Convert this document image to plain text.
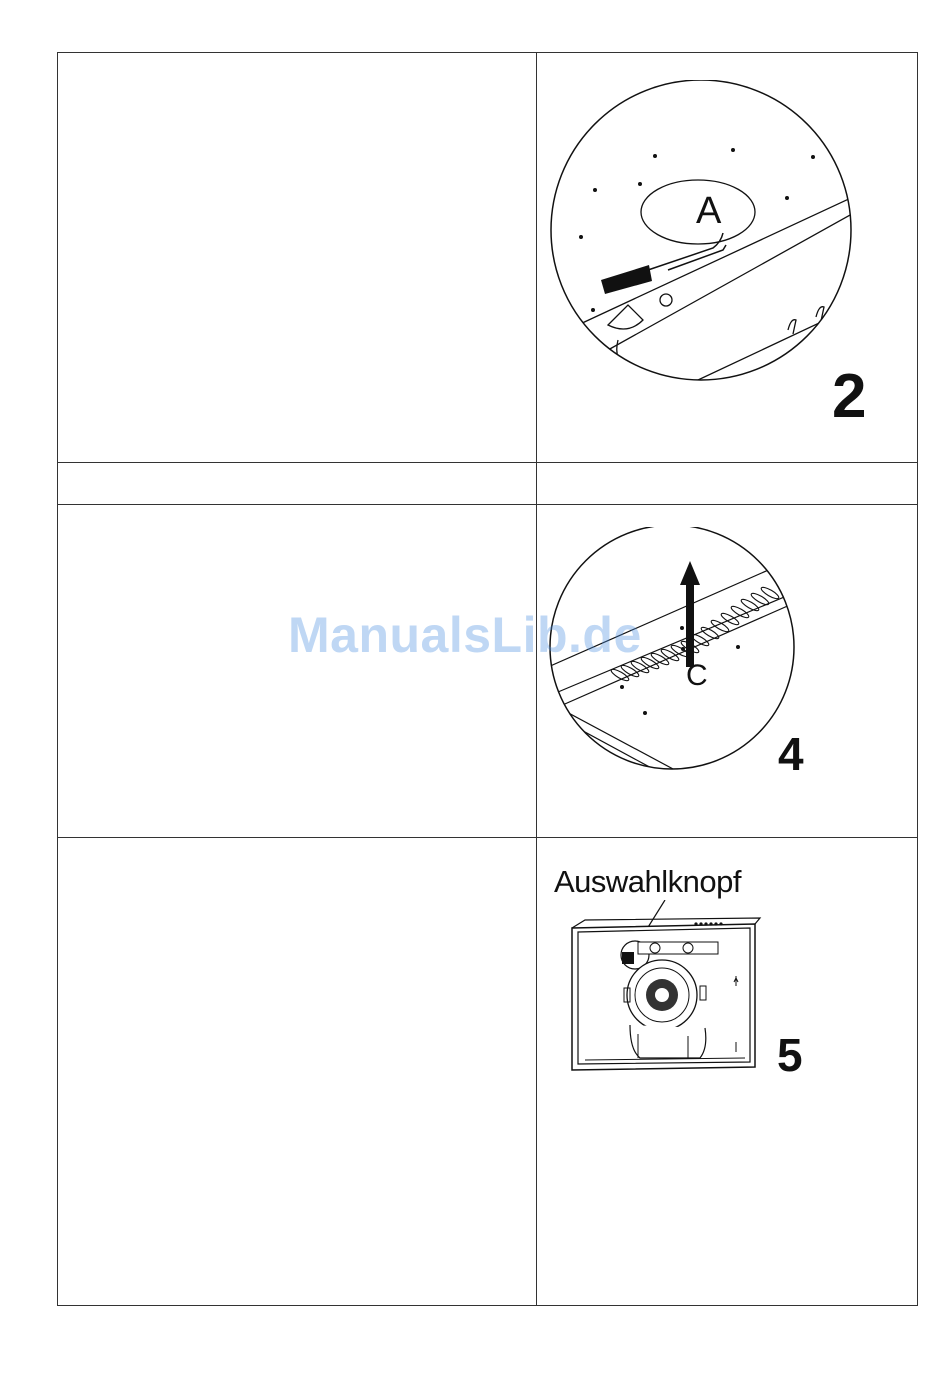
A
2
C
4
Auswahlknopf
5
ManualsLib.de
